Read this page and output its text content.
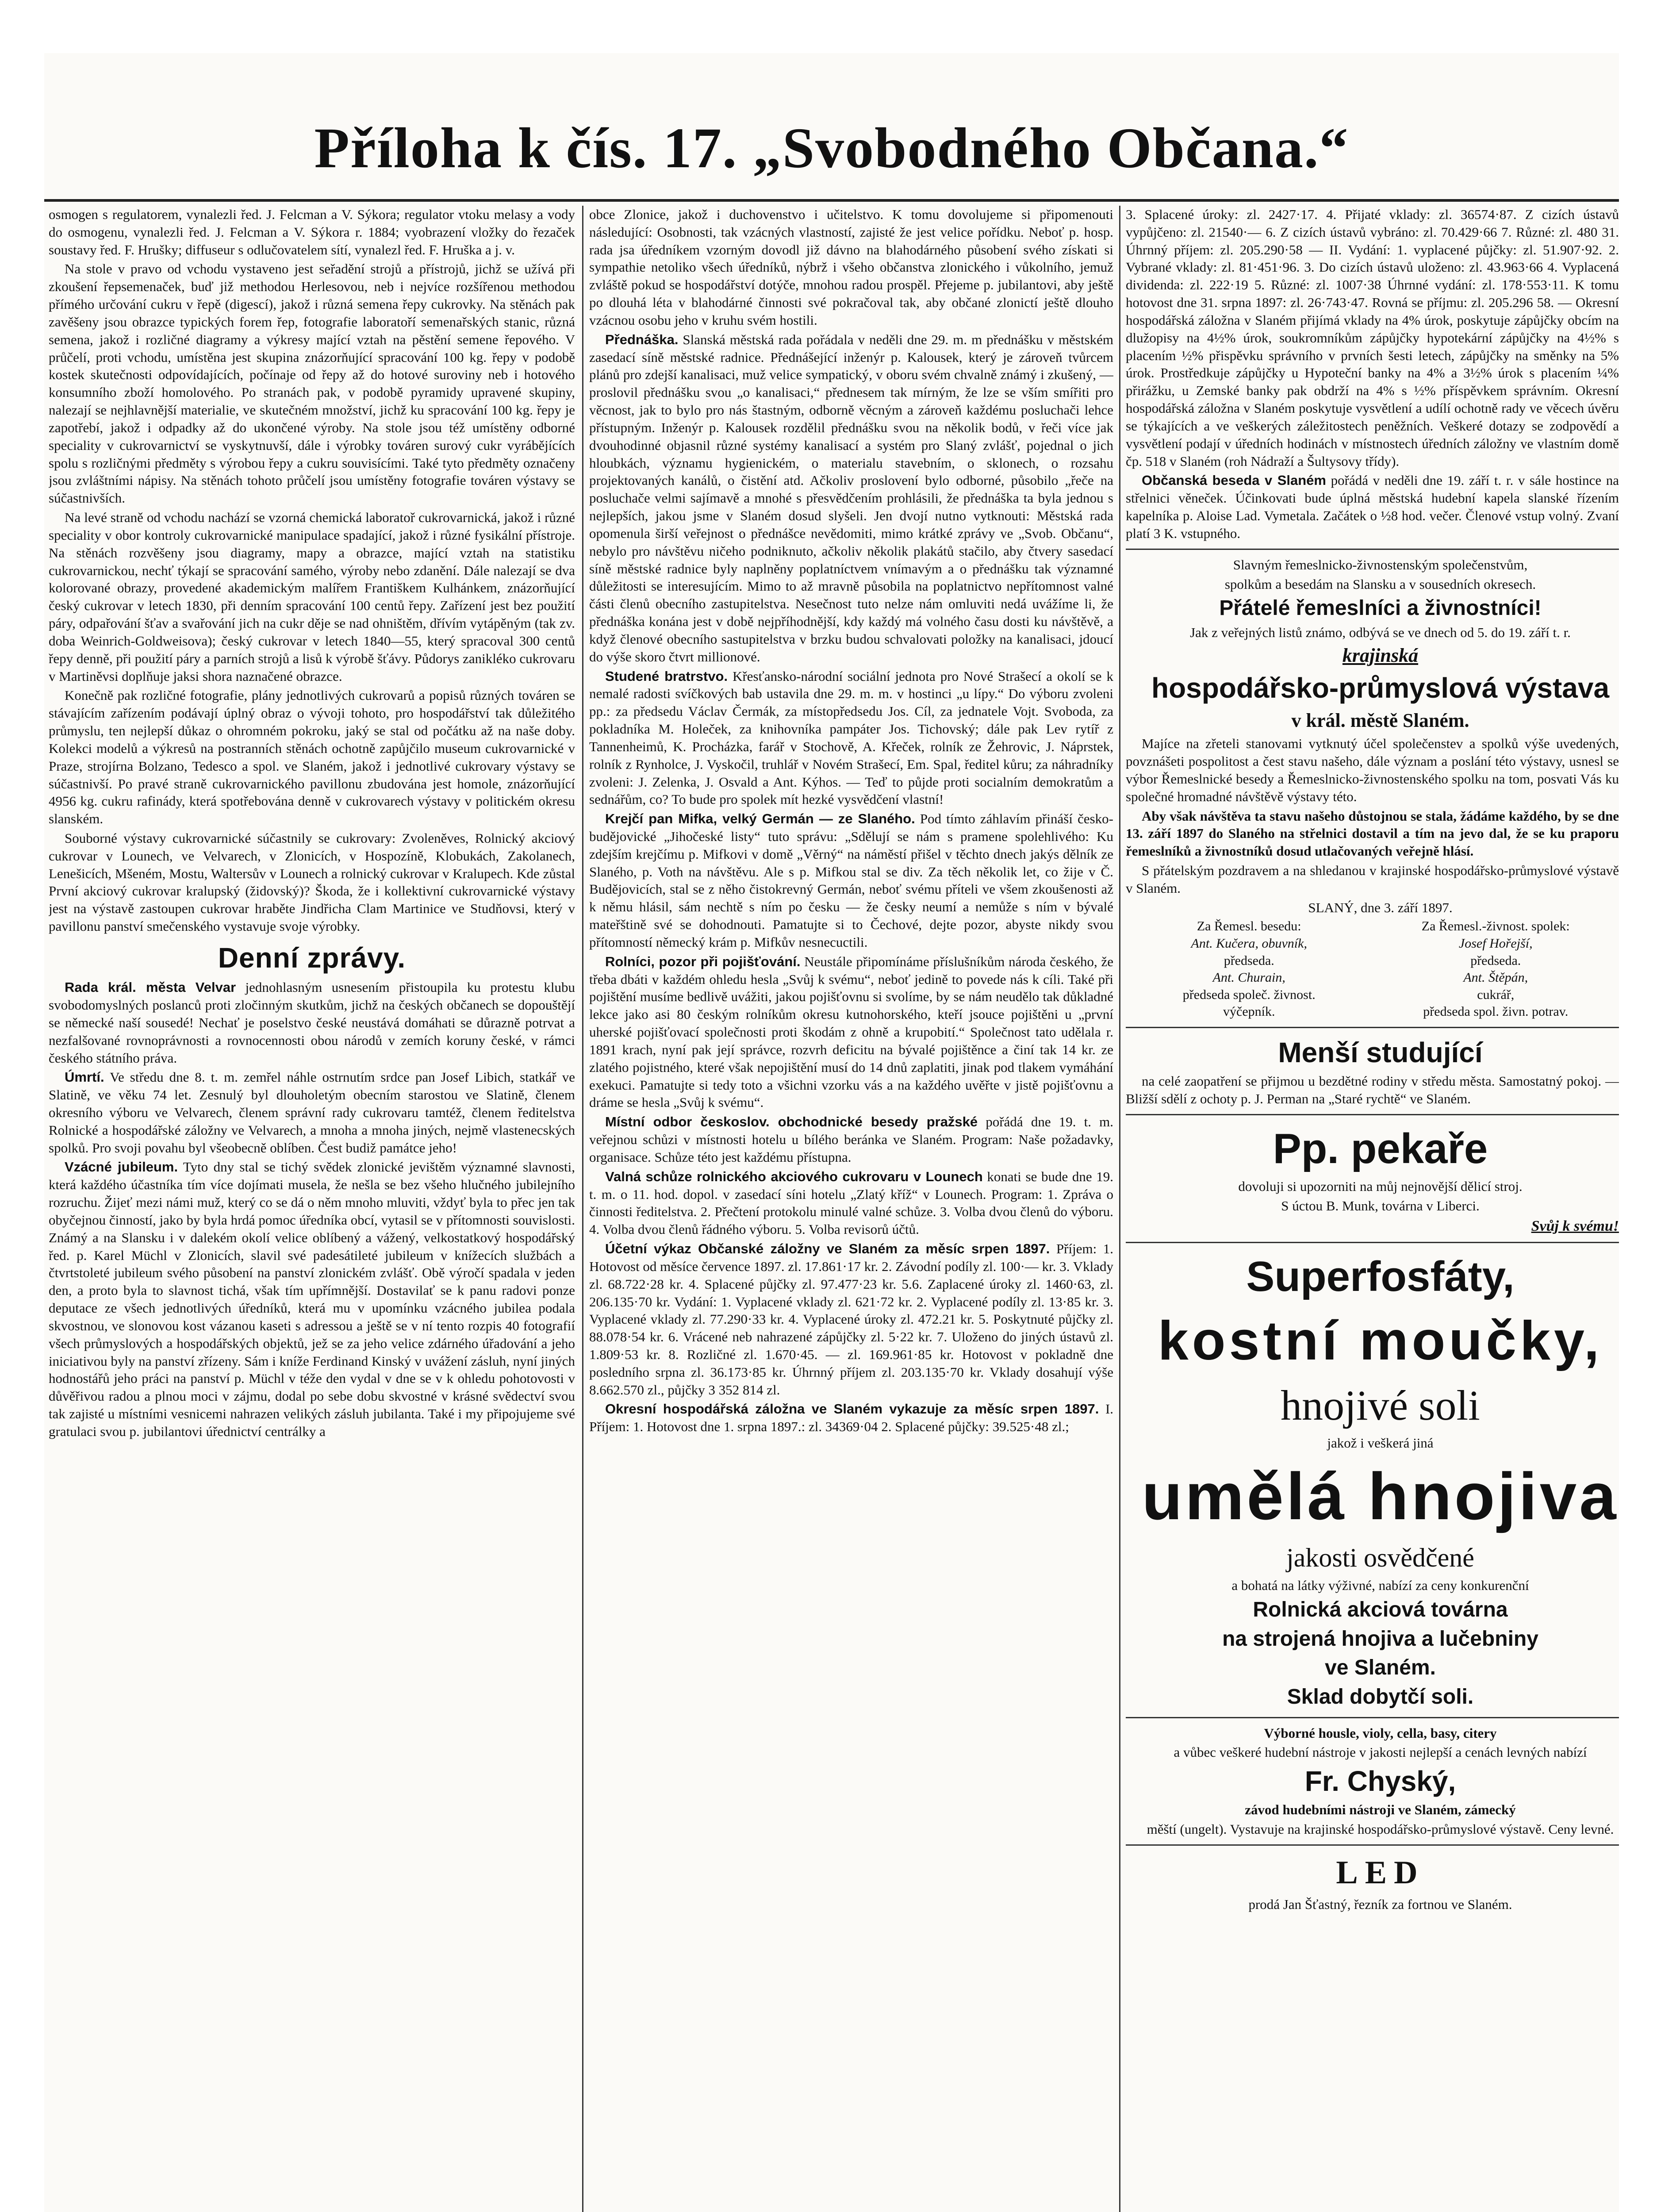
Příloha k čís. 17. „Svobodného Občana.“

osmogen s regulatorem, vynalezli řed. J. Felcman a V. Sýkora; regulator vtoku melasy a vody do osmogenu, vynalezli řed. J. Felcman a V. Sýkora r. 1884; vyobrazení vložky do řezaček soustavy řed. F. Hrušky; diffuseur s odlučovatelem sítí, vynalezl řed. F. Hruška a j. v.

Na stole v pravo od vchodu vystaveno jest seřadění strojů a přístrojů, jichž se užívá při zkoušení řepsemenaček, buď již methodou Herlesovou, neb i nejvíce rozšířenou methodou přímého určování cukru v řepě (digescí), jakož i různá semena řepy cukrovky. Na stěnách pak zavěšeny jsou obrazce typických forem řep, fotografie laboratoří semenařských stanic, různá semena, jakož i rozličné diagramy a výkresy mající vztah na pěstění semene řepového. V průčelí, proti vchodu, umístěna jest skupina znázorňující spracování 100 kg. řepy v podobě kostek skutečnosti odpovídajících, počínaje od řepy až do hotové suroviny neb i hotového konsumního zboží homolového. Po stranách pak, v podobě pyramidy upravené skupiny, nalezají se nejhlavnější materialie, ve skutečném množství, jichž ku spracování 100 kg. řepy je zapotřebí, jakož i odpadky až do ukončené výroby. Na stole jsou též umístěny odborné speciality v cukrovarnictví se vyskytnuvší, dále i výrobky továren surový cukr vyrábějících spolu s rozličnými předměty s výrobou řepy a cukru souvisícími. Také tyto předměty označeny jsou zvláštními nápisy. Na stěnách tohoto průčelí jsou umístěny fotografie továren výstavy se súčastnivších.

Na levé straně od vchodu nachází se vzorná chemická laboratoř cukrovarnická, jakož i různé speciality v obor kontroly cukrovarnické manipulace spadající, jakož i různé fysikální přístroje. Na stěnách rozvěšeny jsou diagramy, mapy a obrazce, mající vztah na statistiku cukrovarnickou, nechť týkají se spracování samého, výroby nebo zdanění. Dále nalezají se dva kolorované obrazy, provedené akademickým malířem Františkem Kulhánkem, znázorňující český cukrovar v letech 1830, při denním spracování 100 centů řepy. Zařízení jest bez použití páry, odpařování šťav a svařování jich na cukr děje se nad ohništěm, dřívím vytápěným (tak zv. doba Weinrich-Goldweisova); český cukrovar v letech 1840—55, který spracoval 300 centů řepy denně, při použití páry a parních strojů a lisů k výrobě šťávy. Půdorys zanikléko cukrovaru v Martiněvsi doplňuje jaksi shora naznačené obrazce.

Konečně pak rozličné fotografie, plány jednotlivých cukrovarů a popisů různých továren se stávajícím zařízením podávají úplný obraz o vývoji tohoto, pro hospodářství tak důležitého průmyslu, ten nejlepší důkaz o ohromném pokroku, jaký se stal od počátku až na naše doby. Kolekci modelů a výkresů na postranních stěnách ochotně zapůjčilo museum cukrovarnické v Praze, strojírna Bolzano, Tedesco a spol. ve Slaném, jakož i jednotlivé cukrovary výstavy se súčastnivší. Po pravé straně cukrovarnického pavillonu zbudována jest homole, znázorňující 4956 kg. cukru rafinády, která spotřebována denně v cukrovarech výstavy v politickém okresu slanském.

Souborné výstavy cukrovarnické súčastnily se cukrovary: Zvoleněves, Rolnický akciový cukrovar v Lounech, ve Velvarech, v Zlonicích, v Hospozíně, Klobukách, Zakolanech, Lenešicích, Mšeném, Mostu, Waltersův v Lounech a rolnický cukrovar v Kralupech. Kde zůstal První akciový cukrovar kralupský (židovský)? Škoda, že i kollektivní cukrovarnické výstavy jest na výstavě zastoupen cukrovar hraběte Jindřicha Clam Martinice ve Studňovsi, který v pavillonu panství smečenského vystavuje svoje výrobky.

Denní zprávy.

Rada král. města Velvar jednohlasným usnesením přistoupila ku protestu klubu svobodomyslných poslanců proti zločinným skutkům, jichž na českých občanech se dopouštějí se německé naší sousedé! Nechať je poselstvo české neustává domáhati se důrazně potrvat a nezfalšované rovnoprávnosti a rovnocennosti obou národů v zemích koruny české, v rámci českého státního práva.

Úmrtí. Ve středu dne 8. t. m. zemřel náhle ostrnutím srdce pan Josef Libich, statkář ve Slatině, ve věku 74 let. Zesnulý byl dlouholetým obecním starostou ve Slatině, členem okresního výboru ve Velvarech, členem správní rady cukrovaru tamtéž, členem ředitelstva Rolnické a hospodářské záložny ve Velvarech, a mnoha a mnoha jiných, nejmě vlastenecských spolků. Pro svoji povahu byl všeobecně oblíben. Čest budiž památce jeho!

Vzácné jubileum. Tyto dny stal se tichý svědek zlonické jevištěm významné slavnosti, která každého účastníka tím více dojímati musela, že nešla se bez všeho hlučného jubilejního rozruchu. Žijeť mezi námi muž, který co se dá o něm mnoho mluviti, vždyť byla to přec jen tak obyčejnou činností, jako by byla hrdá pomoc úředníka obcí, vytasil se v přítomnosti souvislosti. Známý a na Slansku i v dalekém okolí velice oblíbený a vážený, velkostatkový hospodářský řed. p. Karel Müchl v Zlonicích, slavil své padesátileté jubileum v knížecích službách a čtvrtstoleté jubileum svého působení na panství zlonickém zvlášť. Obě výročí spadala v jeden den, a proto byla to slavnost tichá, však tím upřímnější. Dostavilať se k panu radovi ponze deputace ze všech jednotlivých úředníků, která mu v upomínku vzácného jubilea podala skvostnou, ve slonovou kost vázanou kaseti s adressou a ještě se v ní tento rozpis 40 fotografií všech průmyslových a hospodářských objektů, jež se za jeho velice zdárného úřadování a jeho iniciativou byly na panství zřízeny. Sám i kníže Ferdinand Kinský v uvážení zásluh, nyní jiných hodnostářů jeho práci na panství p. Müchl v téže den vydal v dne se v k ohledu pohotovosti v důvěřivou radou a plnou moci v zájmu, dodal po sebe dobu skvostné v krásné svědectví svou tak zajisté u místními vesnicemi nahrazen velikých zásluh jubilanta. Také i my připojujeme své gratulaci svou p. jubilantovi úřednictví centrálky a

obce Zlonice, jakož i duchovenstvo i učitelstvo. K tomu dovolujeme si připomenouti následující: Osobnosti, tak vzácných vlastností, zajisté že jest velice pořídku. Neboť p. hosp. rada jsa úředníkem vzorným dovodl již dávno na blahodárného působení svého získati si sympathie netoliko všech úředníků, nýbrž i všeho občanstva zlonického i vůkolního, jemuž zvláště pokud se hospodářství dotýče, mnohou radou prospěl. Přejeme p. jubilantovi, aby ještě po dlouhá léta v blahodárné činnosti své pokračoval tak, aby občané zlonictí ještě dlouho vzácnou osobu jeho v kruhu svém hostili.

Přednáška. Slanská městská rada pořádala v neděli dne 29. m. m přednášku v městském zasedací síně městské radnice. Přednášející inženýr p. Kalousek, který je zároveň tvůrcem plánů pro zdejší kanalisaci, muž velice sympatický, v oboru svém chvalně známý i zkušený, — proslovil přednášku svou „o kanalisaci,“ přednesem tak mírným, že lze se vším smířiti pro věcnost, jak to bylo pro nás štastným, odborně věcným a zároveň každému posluchači lehce přístupným. Inženýr p. Kalousek rozdělil přednášku svou na několik bodů, v řeči více jak dvouhodinné objasnil různé systémy kanalisací a systém pro Slaný zvlášť, pojednal o jich hloubkách, významu hygienickém, o materialu stavebním, o sklonech, o rozsahu projektovaných kanálů, o čistění atd. Ačkoliv proslovení bylo odborné, působilo „řeče na posluchače velmi sajímavě a mnohé s přesvědčením prohlásili, že přednáška ta byla jednou s nejlepších, jakou jsme v Slaném dosud slyšeli. Jen dvojí nutno vytknouti: Městská rada opomenula širší veřejnost o přednášce nevědomiti, mimo krátké zprávy ve „Svob. Občanu“, nebylo pro návštěvu ničeho podniknuto, ačkoliv několik plakátů stačilo, aby čtvery sasedací síně městské radnice byly naplněny poplatníctvem vnímavým a o přednášku tak významné důležitosti se interesujícím. Mimo to až mravně působila na poplatnictvo nepřítomnost valné části členů obecního zastupitelstva. Nesečnost tuto nelze nám omluviti nedá uvážíme li, že přednáška konána jest v době nejpříhodnější, kdy každý má volného času dosti ku návštěvě, a když členové obecního sastupitelstva v brzku budou schvalovati položky na kanalisaci, jdoucí do výše skoro čtvrt millionové.

Studené bratrstvo. Křesťansko-národní sociální jednota pro Nové Strašecí a okolí se k nemalé radosti svíčkových bab ustavila dne 29. m. m. v hostinci „u lípy.“ Do výboru zvoleni pp.: za předsedu Václav Čermák, za místopředsedu Jos. Cíl, za jednatele Vojt. Svoboda, za pokladníka M. Holeček, za knihovníka pampáter Jos. Tichovský; dále pak Lev rytíř z Tannenheimů, K. Procházka, farář v Stochově, A. Křeček, rolník ze Žehrovic, J. Náprstek, rolník z Rynholce, J. Vyskočil, truhlář v Novém Strašecí, Em. Spal, ředitel kůru; za náhradníky zvoleni: J. Zelenka, J. Osvald a Ant. Kýhos. — Teď to půjde proti socialním demokratům a sednářům, co? To bude pro spolek mít hezké vysvědčení vlastní!

Krejčí pan Mifka, velký Germán — ze Slaného. Pod tímto záhlavím přináší česko-budějovické „Jihočeské listy“ tuto správu: „Sdělují se nám s pramene spolehlivého: Ku zdejším krejčímu p. Mifkovi v domě „Věrný“ na náměstí přišel v těchto dnech jakýs dělník ze Slaného, p. Voth na návštěvu. Ale s p. Mifkou stal se div. Za těch několik let, co žije v Č. Budějovicích, stal se z něho čistokrevný Germán, neboť svému příteli ve všem zkoušenosti až k němu hlásil, sám nechtě s ním po česku — že česky neumí a nemůže s ním v bývalé mateřštině své se dohodnouti. Pamatujte si to Čechové, dejte pozor, abyste nikdy svou přítomností německý krám p. Mifkův nesnecuctili.

Rolníci, pozor při pojišťování. Neustále připomínáme příslušníkům národa českého, že třeba dbáti v každém ohledu hesla „Svůj k svému“, neboť jedině to povede nás k cíli. Také při pojištění musíme bedlivě uvážiti, jakou pojišťovnu si svolíme, by se nám neudělo tak důkladné lekce jako asi 80 českým rolníkům okresu kutnohorského, kteří jsouce pojištěni u „první uherské pojišťovací společnosti proti škodám z ohně a krupobití.“ Společnost tato udělala r. 1891 krach, nyní pak její správce, rozvrh deficitu na bývalé pojištěnce a činí tak 14 kr. ze zlatého pojistného, které však nepojištění musí do 14 dnů zaplatiti, jinak pod tlakem vymáhání exekuci. Pamatujte si tedy toto a všichni vzorku vás a na každého uvěřte v jistě pojišťovnu a dráme se hesla „Svůj k svému“.

Místní odbor českoslov. obchodnické besedy pražské pořádá dne 19. t. m. veřejnou schůzi v místnosti hotelu u bílého beránka ve Slaném. Program: Naše požadavky, organisace. Schůze této jest každému přístupna.

Valná schůze rolnického akciového cukrovaru v Lounech konati se bude dne 19. t. m. o 11. hod. dopol. v zasedací síni hotelu „Zlatý kříž“ v Lounech. Program: 1. Zpráva o činnosti ředitelstva. 2. Přečtení protokolu minulé valné schůze. 3. Volba dvou členů do výboru. 4. Volba dvou členů řádného výboru. 5. Volba revisorů účtů.

Účetní výkaz Občanské záložny ve Slaném za měsíc srpen 1897. Příjem: 1. Hotovost od měsíce července 1897. zl. 17.861·17 kr. 2. Závodní podíly zl. 100·— kr. 3. Vklady zl. 68.722·28 kr. 4. Splacené půjčky zl. 97.477·23 kr. 5.6. Zaplacené úroky zl. 1460·63, zl. 206.135·70 kr. Vydání: 1. Vyplacené vklady zl. 621·72 kr. 2. Vyplacené podíly zl. 13·85 kr. 3. Vyplacené vklady zl. 77.290·33 kr. 4. Vyplacené úroky zl. 472.21 kr. 5. Poskytnuté půjčky zl. 88.078·54 kr. 6. Vrácené neb nahrazené zápůjčky zl. 5·22 kr. 7. Uloženo do jiných ústavů zl. 1.809·53 kr. 8. Rozličné zl. 1.670·45. — zl. 169.961·85 kr. Hotovost v pokladně dne posledního srpna zl. 36.173·85 kr. Úhrnný příjem zl. 203.135·70 kr. Vklady dosahují výše 8.662.570 zl., půjčky 3 352 814 zl.

Okresní hospodářská záložna ve Slaném vykazuje za měsíc srpen 1897. I. Příjem: 1. Hotovost dne 1. srpna 1897.: zl. 34369·04 2. Splacené půjčky: 39.525·48 zl.;

3. Splacené úroky: zl. 2427·17. 4. Přijaté vklady: zl. 36574·87. Z cizích ústavů vypůjčeno: zl. 21540·— 6. Z cizích ústavů vybráno: zl. 70.429·66 7. Různé: zl. 480 31. Úhrnný příjem: zl. 205.290·58 — II. Vydání: 1. vyplacené půjčky: zl. 51.907·92. 2. Vybrané vklady: zl. 81·451·96. 3. Do cizích ústavů uloženo: zl. 43.963·66 4. Vyplacená dividenda: zl. 222·19 5. Různé: zl. 1007·38 Úhrnné vydání: zl. 178·553·11. K tomu hotovost dne 31. srpna 1897: zl. 26·743·47. Rovná se příjmu: zl. 205.296 58. — Okresní hospodářská záložna v Slaném přijímá vklady na 4% úrok, poskytuje zápůjčky obcím na dlužopisy na 4½% úrok, soukromníkům zápůjčky hypotekární zápůjčky na 4½% s placením ½% přispěvku správního v prvních šesti letech, zápůjčky na směnky na 5% úrok. Prostředkuje zápůjčky u Hypoteční banky na 4% a 3½% úrok s placením ¼% přirážku, u Zemské banky pak obdrží na 4% s ½% příspěvkem správním. Okresní hospodářská záložna v Slaném poskytuje vysvětlení a udílí ochotně rady ve věcech úvěru se týkajících a ve veškerých záležitostech peněžních. Veškeré dotazy se zodpovědí a vysvětlení podají v úředních hodinách v místnostech úředních záložny ve vlastním domě čp. 518 v Slaném (roh Nádraží a Šultysovy třídy).

Občanská beseda v Slaném pořádá v neděli dne 19. září t. r. v sále hostince na střelnici věneček. Účinkovati bude úplná městská hudební kapela slanské řízením kapelníka p. Aloise Lad. Vymetala. Začátek o ½8 hod. večer. Členové vstup volný. Zvaní platí 3 K. vstupného.

Slavným řemeslnicko-živnostenským společenstvům,

spolkům a besedám na Slansku a v sousedních okresech.

Přátelé řemeslníci a živnostníci!

Jak z veřejných listů známo, odbývá se ve dnech od 5. do 19. září t. r.

krajinská

hospodářsko-průmyslová výstava

v král. městě Slaném.

Majíce na zřeteli stanovami vytknutý účel společenstev a spolků výše uvedených, povznášeti pospolitost a čest stavu našeho, dále význam a poslání této výstavy, usnesl se výbor Řemeslnické besedy a Řemeslnicko-živnostenského spolku na tom, posvati Vás ku společné hromadné návštěvě výstavy této.

Aby však návštěva ta stavu našeho důstojnou se stala, žádáme každého, by se dne 13. září 1897 do Slaného na střelnici dostavil a tím na jevo dal, že se ku praporu řemeslníků a živnostníků dosud utlačovaných veřejně hlásí.

S přátelským pozdravem a na shledanou v krajinské hospodářsko-průmyslové výstavě v Slaném.

SLANÝ, dne 3. září 1897.

Za Řemesl. besedu:
Ant. Kučera, obuvník,
předseda.
Ant. Churain,
předseda společ. živnost.
výčepník.
Za Řemesl.-živnost. spolek:
Josef Hořejší,
předseda.
Ant. Štěpán,
cukrář,
předseda spol. živn. potrav.

Menší studující

na celé zaopatření se přijmou u bezdětné rodiny v středu města. Samostatný pokoj. — Bližší sdělí z ochoty p. J. Perman na „Staré rychtě“ ve Slaném.

Pp. pekaře

dovoluji si upozorniti na můj nejnovější dělicí stroj.

S úctou B. Munk, továrna v Liberci.

Svůj k svému!

Superfosfáty,

kostní moučky,

hnojivé soli

jakož i veškerá jiná

umělá hnojiva

jakosti osvědčené

a bohatá na látky výživné, nabízí za ceny konkurenční

Rolnická akciová továrna

na strojená hnojiva a lučebniny

ve Slaném.

Sklad dobytčí soli.

Výborné housle, violy, cella, basy, citery

a vůbec veškeré hudební nástroje v jakosti nejlepší a cenách levných nabízí

Fr. Chyský,

závod hudebními nástroji ve Slaném, zámecký

měští (ungelt). Vystavuje na krajinské hospodářsko-průmyslové výstavě. Ceny levné.

LED

prodá Jan Šťastný, řezník za fortnou ve Slaném.
